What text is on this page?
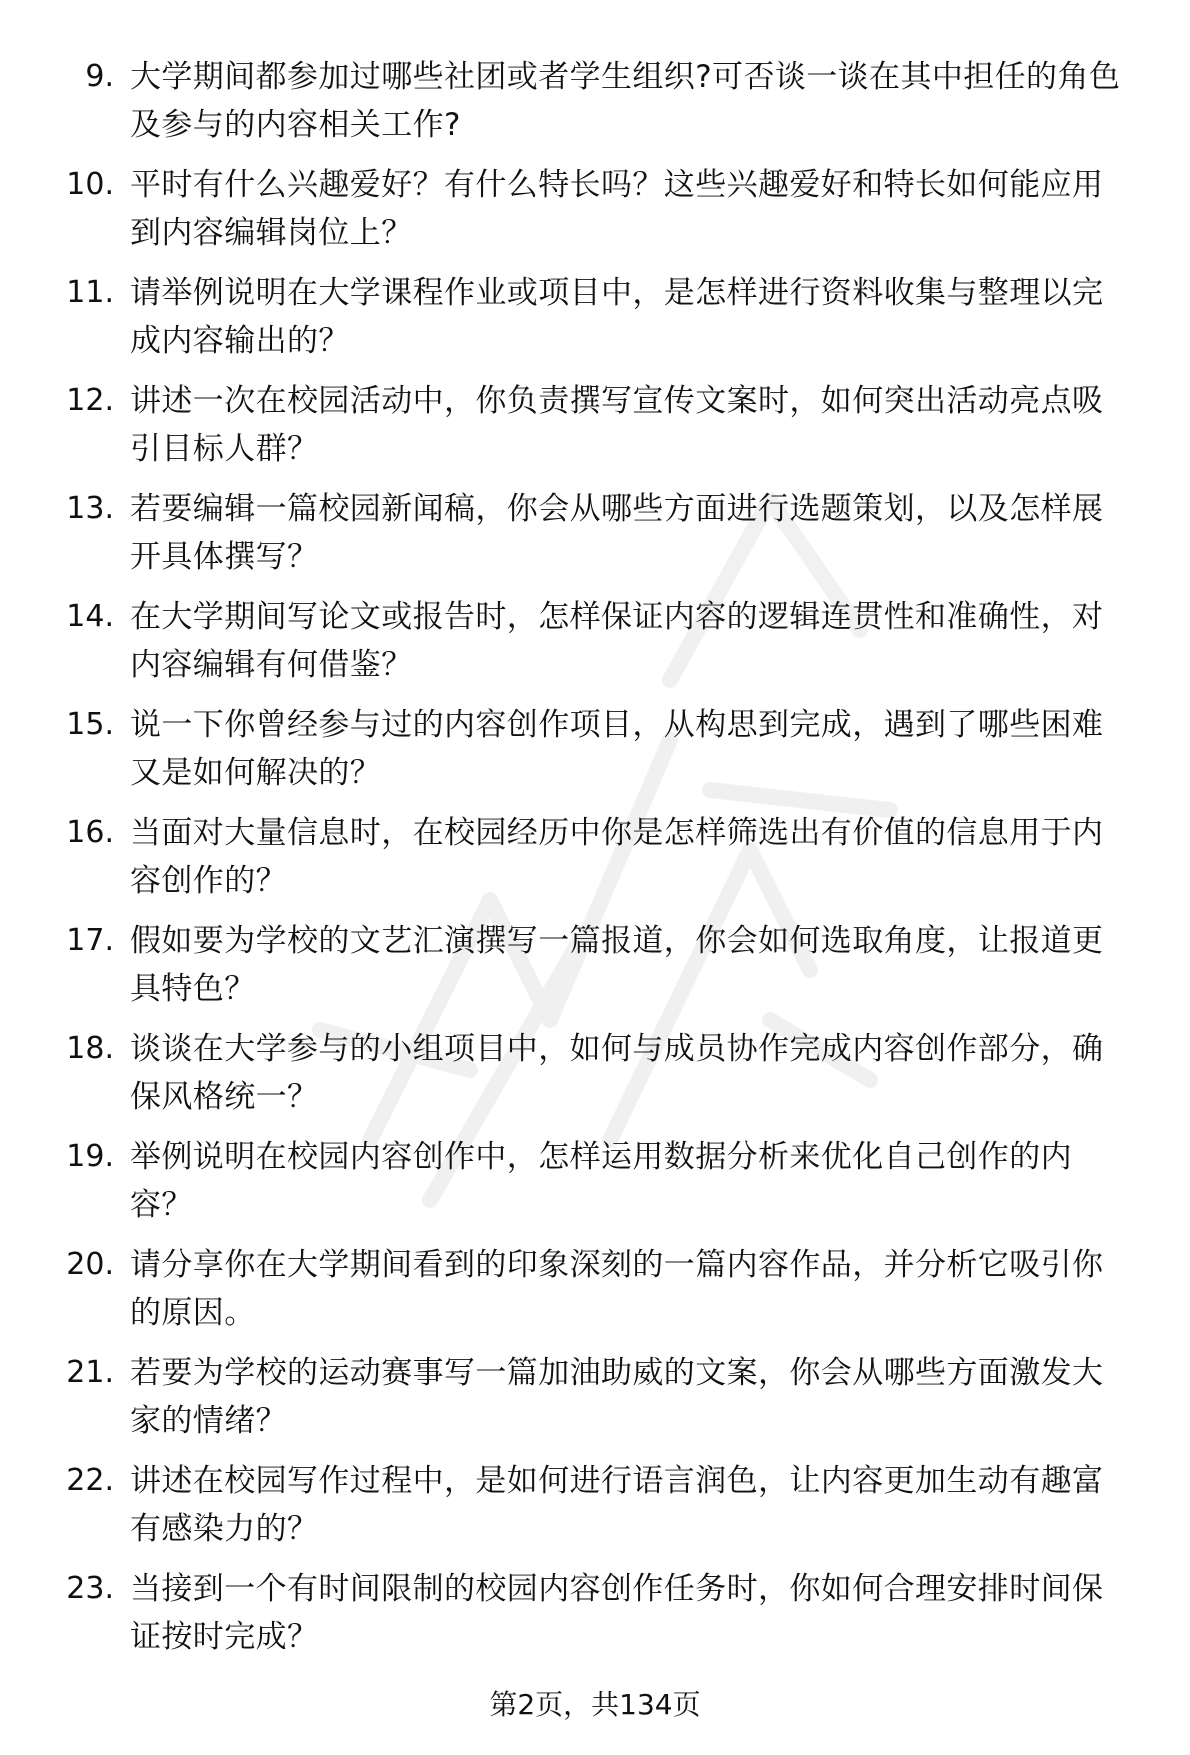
9. 大学期间都参加过哪些社团或者学生组织?可否谈一谈在其中担任的角色及参与的内容相关工作?
10. 平时有什么兴趣爱好？有什么特长吗？这些兴趣爱好和特长如何能应用到内容编辑岗位上？
11. 请举例说明在大学课程作业或项目中，是怎样进行资料收集与整理以完成内容输出的？
12. 讲述一次在校园活动中，你负责撰写宣传文案时，如何突出活动亮点吸引目标人群？
13. 若要编辑一篇校园新闻稿，你会从哪些方面进行选题策划，以及怎样展开具体撰写？
14. 在大学期间写论文或报告时，怎样保证内容的逻辑连贯性和准确性，对内容编辑有何借鉴？
15. 说一下你曾经参与过的内容创作项目，从构思到完成，遇到了哪些困难又是如何解决的？
16. 当面对大量信息时，在校园经历中你是怎样筛选出有价值的信息用于内容创作的？
17. 假如要为学校的文艺汇演撰写一篇报道，你会如何选取角度，让报道更具特色？
18. 谈谈在大学参与的小组项目中，如何与成员协作完成内容创作部分，确保风格统一？
19. 举例说明在校园内容创作中，怎样运用数据分析来优化自己创作的内容？
20. 请分享你在大学期间看到的印象深刻的一篇内容作品，并分析它吸引你的原因。
21. 若要为学校的运动赛事写一篇加油助威的文案，你会从哪些方面激发大家的情绪？
22. 讲述在校园写作过程中，是如何进行语言润色，让内容更加生动有趣富有感染力的？
23. 当接到一个有时间限制的校园内容创作任务时，你如何合理安排时间保证按时完成？
第2页，共134页
